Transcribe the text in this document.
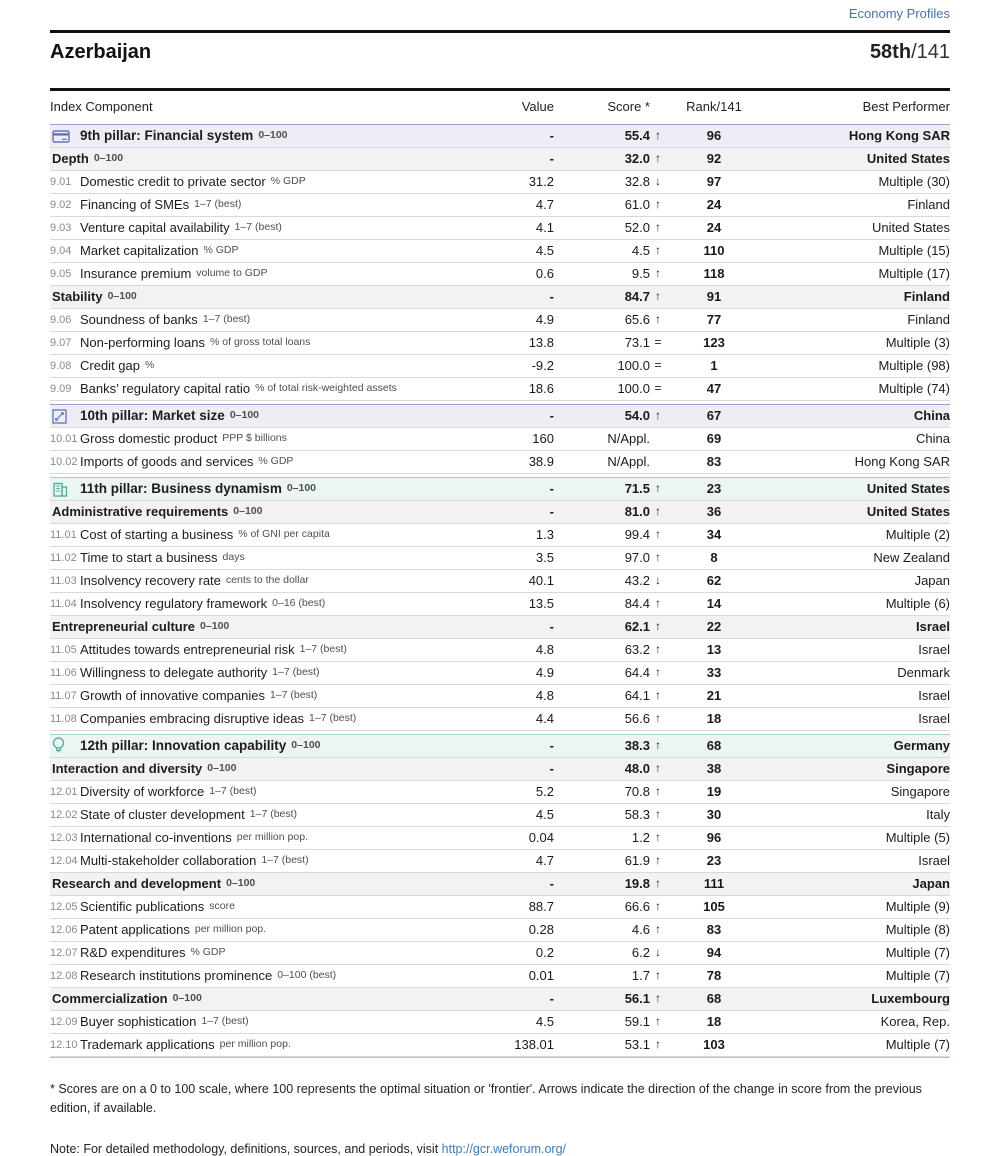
Economy Profiles
Azerbaijan	58th/141
Index Component	Value	Score *	Rank/141	Best Performer
9th pillar: Financial system 0–100	-	55.4 ↑	96	Hong Kong SAR
Depth 0–100	-	32.0 ↑	92	United States
9.01 Domestic credit to private sector % GDP	31.2	32.8 ↓	97	Multiple (30)
9.02 Financing of SMEs 1–7 (best)	4.7	61.0 ↑	24	Finland
9.03 Venture capital availability 1–7 (best)	4.1	52.0 ↑	24	United States
9.04 Market capitalization % GDP	4.5	4.5 ↑	110	Multiple (15)
9.05 Insurance premium volume to GDP	0.6	9.5 ↑	118	Multiple (17)
Stability 0–100	-	84.7 ↑	91	Finland
9.06 Soundness of banks 1–7 (best)	4.9	65.6 ↑	77	Finland
9.07 Non-performing loans % of gross total loans	13.8	73.1 =	123	Multiple (3)
9.08 Credit gap %	-9.2	100.0 =	1	Multiple (98)
9.09 Banks’ regulatory capital ratio % of total risk-weighted assets	18.6	100.0 =	47	Multiple (74)
10th pillar: Market size 0–100	-	54.0 ↑	67	China
10.01 Gross domestic product PPP $ billions	160	N/Appl.	69	China
10.02 Imports of goods and services % GDP	38.9	N/Appl.	83	Hong Kong SAR
11th pillar: Business dynamism 0–100	-	71.5 ↑	23	United States
Administrative requirements 0–100	-	81.0 ↑	36	United States
11.01 Cost of starting a business % of GNI per capita	1.3	99.4 ↑	34	Multiple (2)
11.02 Time to start a business days	3.5	97.0 ↑	8	New Zealand
11.03 Insolvency recovery rate cents to the dollar	40.1	43.2 ↓	62	Japan
11.04 Insolvency regulatory framework 0–16 (best)	13.5	84.4 ↑	14	Multiple (6)
Entrepreneurial culture 0–100	-	62.1 ↑	22	Israel
11.05 Attitudes towards entrepreneurial risk 1–7 (best)	4.8	63.2 ↑	13	Israel
11.06 Willingness to delegate authority 1–7 (best)	4.9	64.4 ↑	33	Denmark
11.07 Growth of innovative companies 1–7 (best)	4.8	64.1 ↑	21	Israel
11.08 Companies embracing disruptive ideas 1–7 (best)	4.4	56.6 ↑	18	Israel
12th pillar: Innovation capability 0–100	-	38.3 ↑	68	Germany
Interaction and diversity 0–100	-	48.0 ↑	38	Singapore
12.01 Diversity of workforce 1–7 (best)	5.2	70.8 ↑	19	Singapore
12.02 State of cluster development 1–7 (best)	4.5	58.3 ↑	30	Italy
12.03 International co-inventions per million pop.	0.04	1.2 ↑	96	Multiple (5)
12.04 Multi-stakeholder collaboration 1–7 (best)	4.7	61.9 ↑	23	Israel
Research and development 0–100	-	19.8 ↑	111	Japan
12.05 Scientific publications score	88.7	66.6 ↑	105	Multiple (9)
12.06 Patent applications per million pop.	0.28	4.6 ↑	83	Multiple (8)
12.07 R&D expenditures % GDP	0.2	6.2 ↓	94	Multiple (7)
12.08 Research institutions prominence 0–100 (best)	0.01	1.7 ↑	78	Multiple (7)
Commercialization 0–100	-	56.1 ↑	68	Luxembourg
12.09 Buyer sophistication 1–7 (best)	4.5	59.1 ↑	18	Korea, Rep.
12.10 Trademark applications per million pop.	138.01	53.1 ↑	103	Multiple (7)
* Scores are on a 0 to 100 scale, where 100 represents the optimal situation or 'frontier'. Arrows indicate the direction of the change in score from the previous edition, if available.
Note: For detailed methodology, definitions, sources, and periods, visit http://gcr.weforum.org/
